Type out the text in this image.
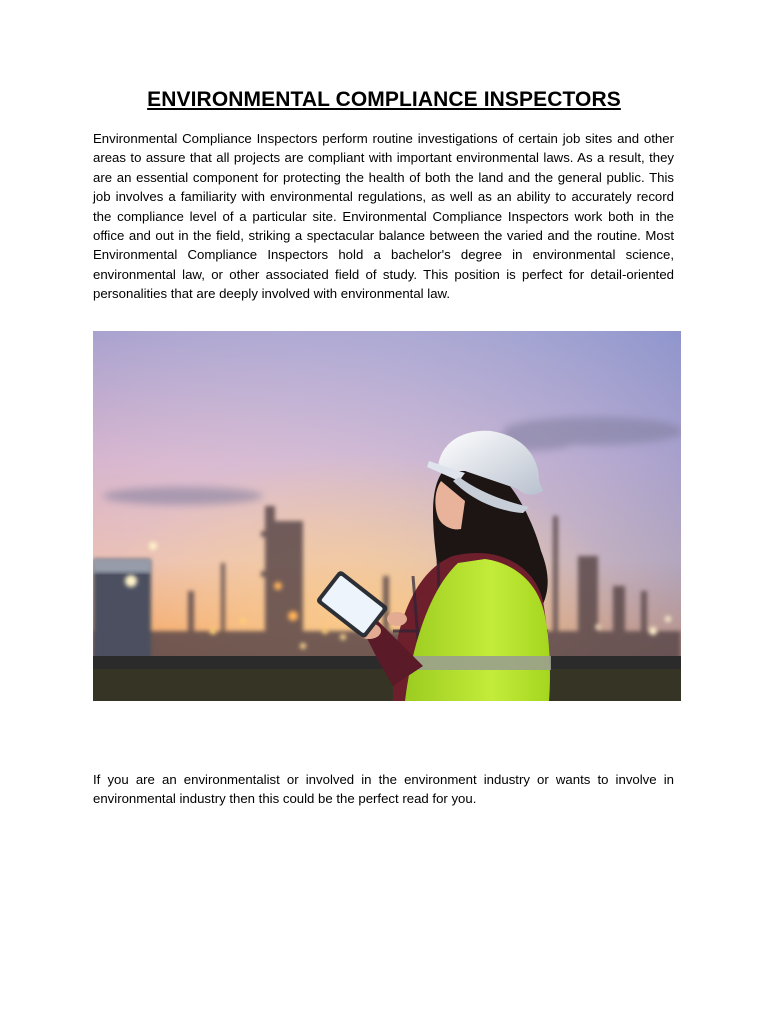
ENVIRONMENTAL COMPLIANCE INSPECTORS

Environmental Compliance Inspectors perform routine investigations of certain job sites and other areas to assure that all projects are compliant with important environmental laws. As a result, they are an essential component for protecting the health of both the land and the general public. This job involves a familiarity with environmental regulations, as well as an ability to accurately record the compliance level of a particular site. Environmental Compliance Inspectors work both in the office and out in the field, striking a spectacular balance between the varied and the routine. Most Environmental Compliance Inspectors hold a bachelor's degree in environmental science, environmental law, or other associated field of study. This position is perfect for detail-oriented personalities that are deeply involved with environmental law.

If you are an environmentalist or involved in the environment industry or wants to involve in environmental industry then this could be the perfect read for you.
